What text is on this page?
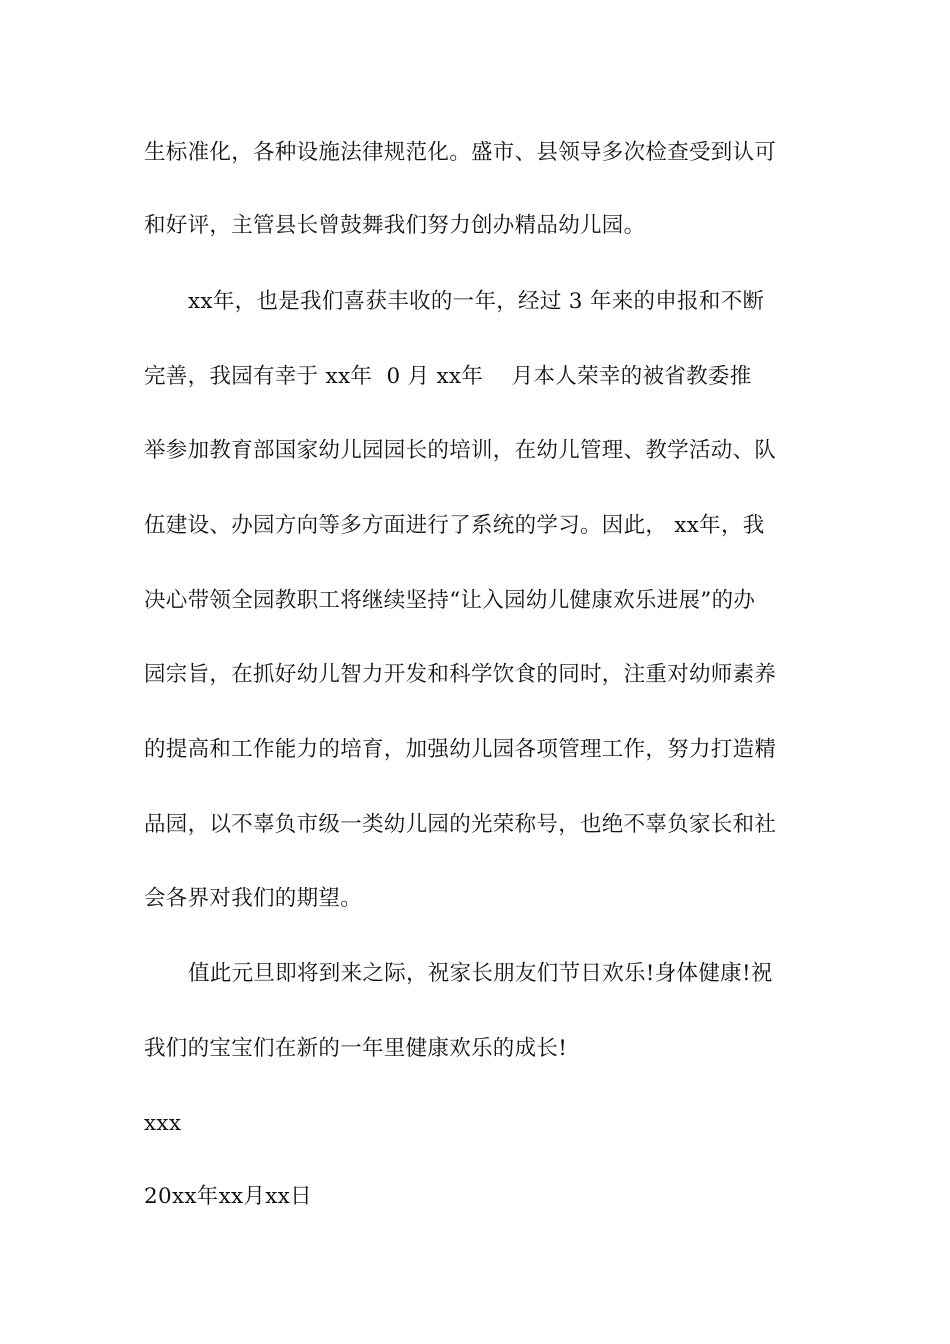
生标准化，各种设施法律规范化。盛市、县领导多次检查受到认可
和好评，主管县长曾鼓舞我们努力创办精品幼儿园。
xx年，也是我们喜获丰收的一年，经过 3 年来的申报和不断
完善，我园有幸于 xx年  0 月 xx年    月本人荣幸的被省教委推
举参加教育部国家幼儿园园长的培训，在幼儿管理、教学活动、队
伍建设、办园方向等多方面进行了系统的学习。因此， xx年，我
决心带领全园教职工将继续坚持“让入园幼儿健康欢乐进展”的办
园宗旨，在抓好幼儿智力开发和科学饮食的同时，注重对幼师素养
的提高和工作能力的培育，加强幼儿园各项管理工作，努力打造精
品园，以不辜负市级一类幼儿园的光荣称号，也绝不辜负家长和社
会各界对我们的期望。
值此元旦即将到来之际，祝家长朋友们节日欢乐!身体健康!祝
我们的宝宝们在新的一年里健康欢乐的成长!
xxx
20xx年xx月xx日
